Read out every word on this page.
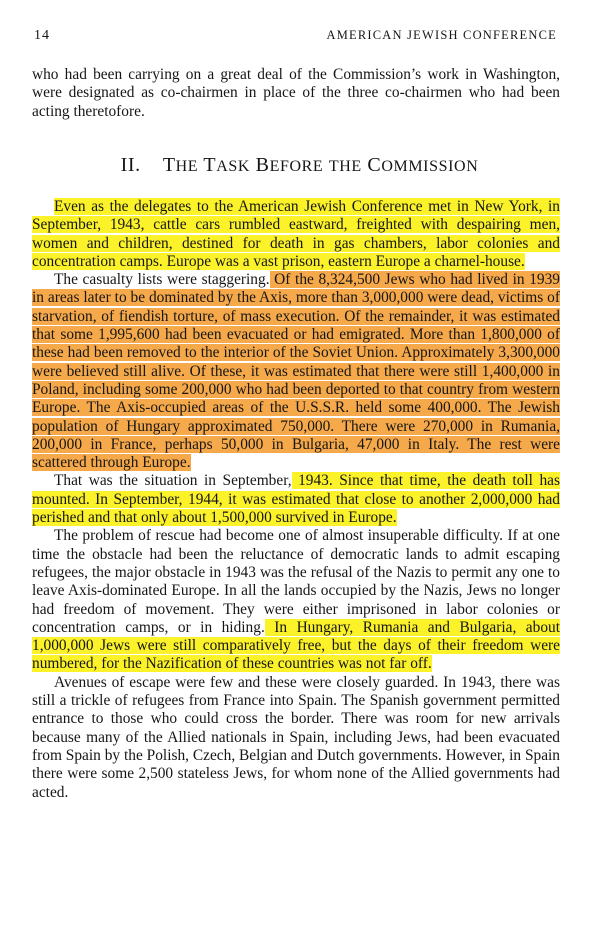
14	AMERICAN JEWISH CONFERENCE
who had been carrying on a great deal of the Commission’s work in Washington, were designated as co-chairmen in place of the three co-chairmen who had been acting theretofore.
II. THE TASK BEFORE THE COMMISSION

Even as the delegates to the American Jewish Conference met in New York, in September, 1943, cattle cars rumbled eastward, freighted with despairing men, women and children, destined for death in gas chambers, labor colonies and concentration camps. Europe was a vast prison, eastern Europe a charnel-house.

The casualty lists were staggering. Of the 8,324,500 Jews who had lived in 1939 in areas later to be dominated by the Axis, more than 3,000,000 were dead, victims of starvation, of fiendish torture, of mass execution. Of the remainder, it was estimated that some 1,995,600 had been evacuated or had emigrated. More than 1,800,000 of these had been removed to the interior of the Soviet Union. Approximately 3,300,000 were believed still alive. Of these, it was estimated that there were still 1,400,000 in Poland, including some 200,000 who had been deported to that country from western Europe. The Axis-occupied areas of the U.S.S.R. held some 400,000. The Jewish population of Hungary approximated 750,000. There were 270,000 in Rumania, 200,000 in France, perhaps 50,000 in Bulgaria, 47,000 in Italy. The rest were scattered through Europe.

That was the situation in September, 1943. Since that time, the death toll has mounted. In September, 1944, it was estimated that close to another 2,000,000 had perished and that only about 1,500,000 survived in Europe.

The problem of rescue had become one of almost insuperable difficulty. If at one time the obstacle had been the reluctance of democratic lands to admit escaping refugees, the major obstacle in 1943 was the refusal of the Nazis to permit any one to leave Axis-dominated Europe. In all the lands occupied by the Nazis, Jews no longer had freedom of movement. They were either imprisoned in labor colonies or concentration camps, or in hiding. In Hungary, Rumania and Bulgaria, about 1,000,000 Jews were still comparatively free, but the days of their freedom were numbered, for the Nazification of these countries was not far off.

Avenues of escape were few and these were closely guarded. In 1943, there was still a trickle of refugees from France into Spain. The Spanish government permitted entrance to those who could cross the border. There was room for new arrivals because many of the Allied nationals in Spain, including Jews, had been evacuated from Spain by the Polish, Czech, Belgian and Dutch governments. However, in Spain there were some 2,500 stateless Jews, for whom none of the Allied governments had acted.
